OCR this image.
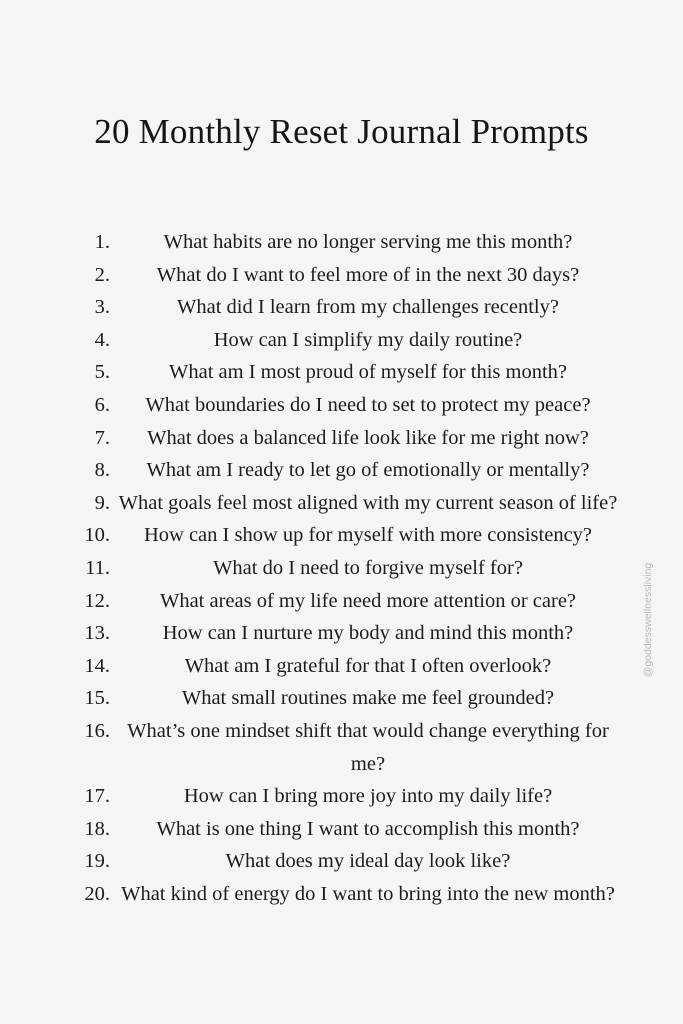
20 Monthly Reset Journal Prompts
1.	What habits are no longer serving me this month?
2.	What do I want to feel more of in the next 30 days?
3.	What did I learn from my challenges recently?
4.	How can I simplify my daily routine?
5.	What am I most proud of myself for this month?
6.	What boundaries do I need to set to protect my peace?
7.	What does a balanced life look like for me right now?
8.	What am I ready to let go of emotionally or mentally?
9. What goals feel most aligned with my current season of life?
10.	How can I show up for myself with more consistency?
11.	What do I need to forgive myself for?
12.	What areas of my life need more attention or care?
13.	How can I nurture my body and mind this month?
14.	What am I grateful for that I often overlook?
15.	What small routines make me feel grounded?
16. What’s one mindset shift that would change everything for me?
17.	How can I bring more joy into my daily life?
18.	What is one thing I want to accomplish this month?
19.	What does my ideal day look like?
20. What kind of energy do I want to bring into the new month?
@goddesswellnessliving
